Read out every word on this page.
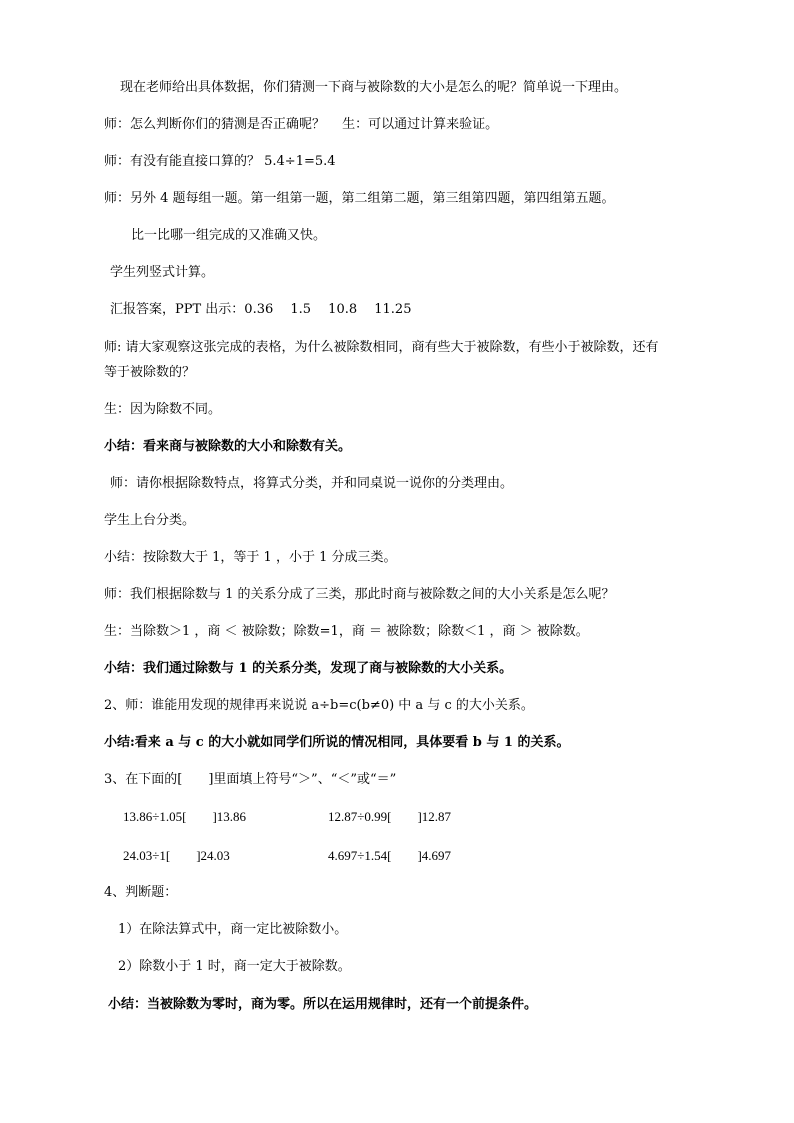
现在老师给出具体数据，你们猜测一下商与被除数的大小是怎么的呢？简单说一下理由。
师：怎么判断你们的猜测是否正确呢？　 生：可以通过计算来验证。
师：有没有能直接口算的？ 5.4÷1=5.4
师：另外 4 题每组一题。第一组第一题，第二组第二题，第三组第四题，第四组第五题。
比一比哪一组完成的又准确又快。
学生列竖式计算。
汇报答案，PPT 出示：0.36　 1.5　 10.8　 11.25
师: 请大家观察这张完成的表格，为什么被除数相同，商有些大于被除数，有些小于被除数，还有
等于被除数的？
生：因为除数不同。
小结：看来商与被除数的大小和除数有关。
师：请你根据除数特点，将算式分类，并和同桌说一说你的分类理由。
学生上台分类。
小结：按除数大于 1，等于 1 ，小于 1 分成三类。
师：我们根据除数与 1 的关系分成了三类，那此时商与被除数之间的大小关系是怎么呢？
生：当除数＞1 ，商 ＜ 被除数；除数=1，商 ＝ 被除数；除数＜1 ，商 ＞ 被除数。
小结：我们通过除数与 1 的关系分类，发现了商与被除数的大小关系。
2、师：谁能用发现的规律再来说说 a÷b=c(b≠0) 中 a 与 c 的大小关系。
小结:看来 a 与 c 的大小就如同学们所说的情况相同，具体要看 b 与 1 的关系。
3、在下面的[　　]里面填上符号“＞”、“＜”或“＝”
13.86÷1.05[　　]13.86	12.87÷0.99[　　]12.87
24.03÷1[　　]24.03	4.697÷1.54[　　]4.697
4、判断题：
1）在除法算式中，商一定比被除数小。
2）除数小于 1 时，商一定大于被除数。
小结：当被除数为零时，商为零。所以在运用规律时，还有一个前提条件。
